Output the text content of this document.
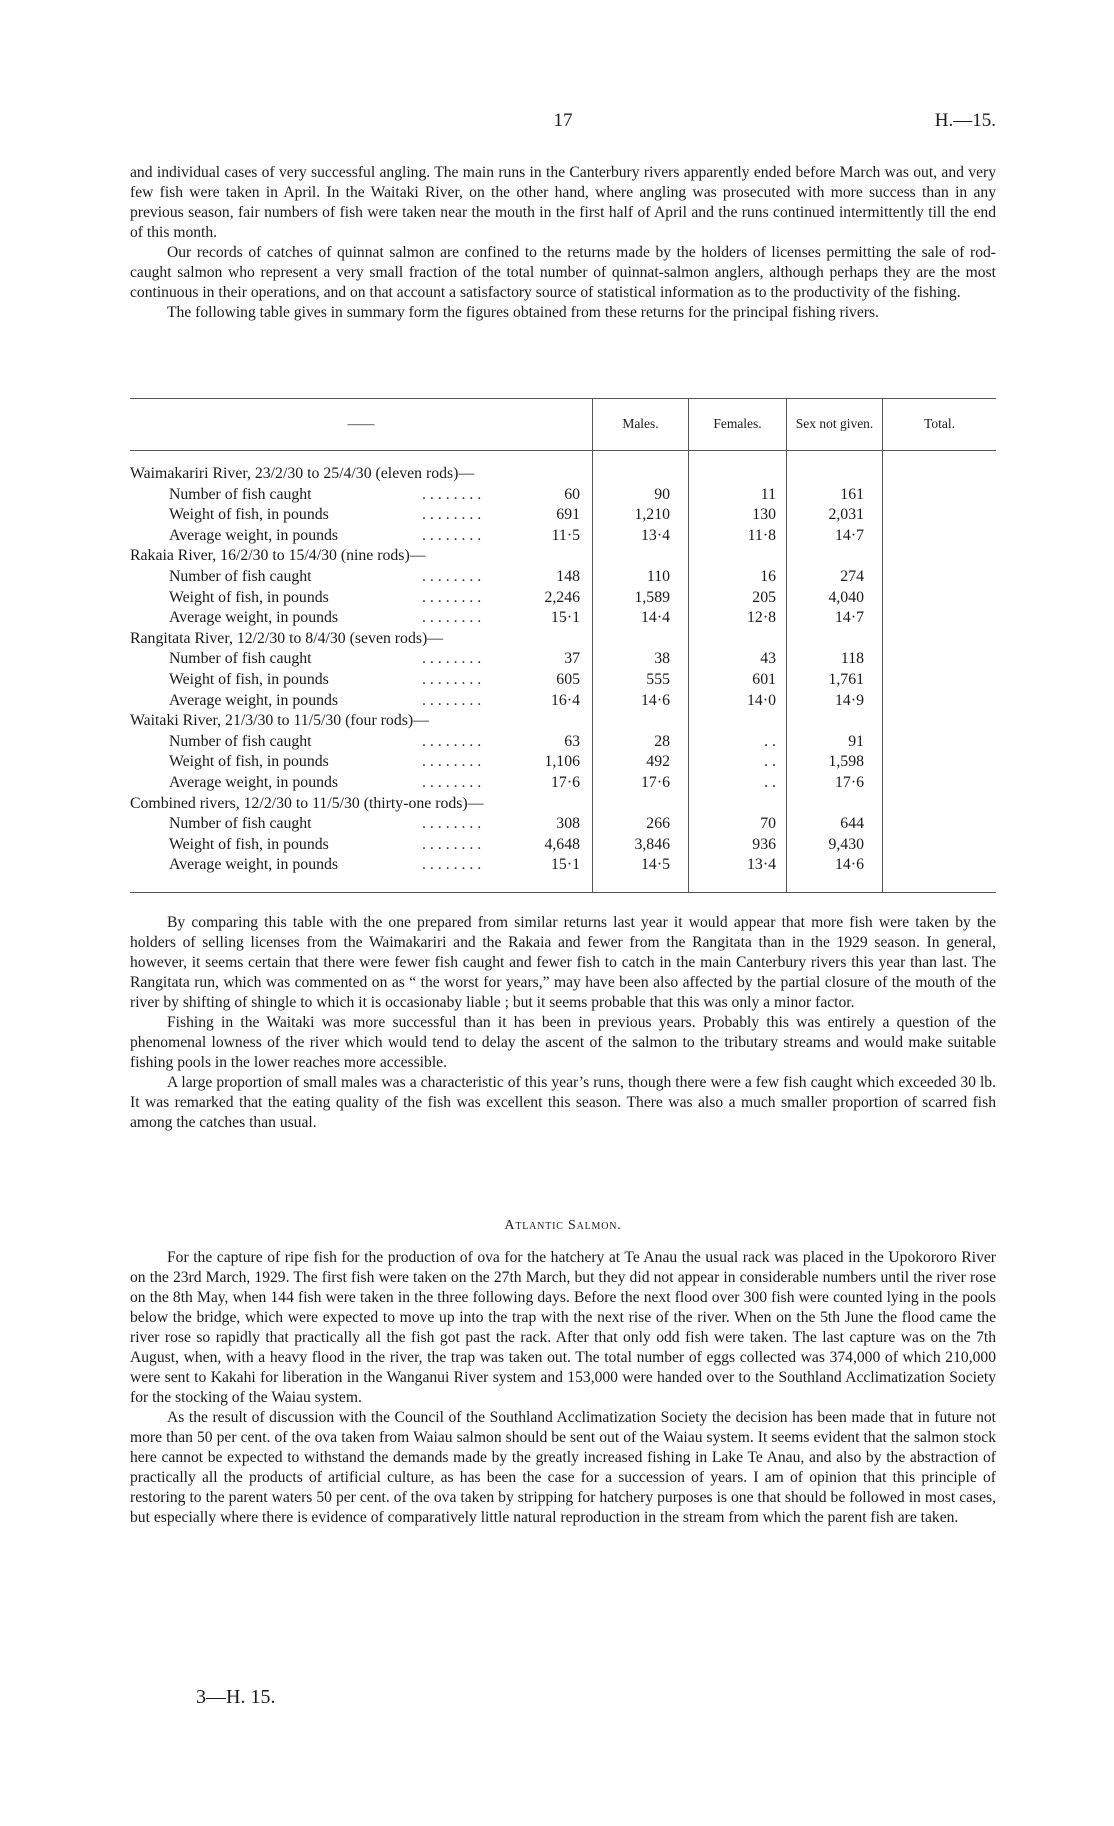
17	H.—15.

and individual cases of very successful angling. The main runs in the Canterbury rivers apparently ended before March was out, and very few fish were taken in April. In the Waitaki River, on the other hand, where angling was prosecuted with more success than in any previous season, fair numbers of fish were taken near the mouth in the first half of April and the runs continued intermittently till the end of this month.

Our records of catches of quinnat salmon are confined to the returns made by the holders of licenses permitting the sale of rod-caught salmon who represent a very small fraction of the total number of quinnat-salmon anglers, although perhaps they are the most continuous in their operations, and on that account a satisfactory source of statistical information as to the productivity of the fishing.

The following table gives in summary form the figures obtained from these returns for the principal fishing rivers.

——	Males.	Females.	Sex not given.	Total.
Waimakariri River, 23/2/30 to 25/4/30 (eleven rods)—
Number of fish caught	. . . . . . . .	60	90	11	161
Weight of fish, in pounds	. . . . . . . .	691	1,210	130	2,031
Average weight, in pounds	. . . . . . . .	11·5	13·4	11·8	14·7
Rakaia River, 16/2/30 to 15/4/30 (nine rods)—
Number of fish caught	. . . . . . . .	148	110	16	274
Weight of fish, in pounds	. . . . . . . .	2,246	1,589	205	4,040
Average weight, in pounds	. . . . . . . .	15·1	14·4	12·8	14·7
Rangitata River, 12/2/30 to 8/4/30 (seven rods)—
Number of fish caught	. . . . . . . .	37	38	43	118
Weight of fish, in pounds	. . . . . . . .	605	555	601	1,761
Average weight, in pounds	. . . . . . . .	16·4	14·6	14·0	14·9
Waitaki River, 21/3/30 to 11/5/30 (four rods)—
Number of fish caught	. . . . . . . .	63	28	. .	91
Weight of fish, in pounds	. . . . . . . .	1,106	492	. .	1,598
Average weight, in pounds	. . . . . . . .	17·6	17·6	. .	17·6
Combined rivers, 12/2/30 to 11/5/30 (thirty-one rods)—
Number of fish caught	. . . . . . . .	308	266	70	644
Weight of fish, in pounds	. . . . . . . .	4,648	3,846	936	9,430
Average weight, in pounds	. . . . . . . .	15·1	14·5	13·4	14·6

By comparing this table with the one prepared from similar returns last year it would appear that more fish were taken by the holders of selling licenses from the Waimakariri and the Rakaia and fewer from the Rangitata than in the 1929 season. In general, however, it seems certain that there were fewer fish caught and fewer fish to catch in the main Canterbury rivers this year than last. The Rangitata run, which was commented on as “ the worst for years,” may have been also affected by the partial closure of the mouth of the river by shifting of shingle to which it is occasionaby liable ; but it seems probable that this was only a minor factor.

Fishing in the Waitaki was more successful than it has been in previous years. Probably this was entirely a question of the phenomenal lowness of the river which would tend to delay the ascent of the salmon to the tributary streams and would make suitable fishing pools in the lower reaches more accessible.

A large proportion of small males was a characteristic of this year’s runs, though there were a few fish caught which exceeded 30 lb. It was remarked that the eating quality of the fish was excellent this season. There was also a much smaller proportion of scarred fish among the catches than usual.

Atlantic Salmon.

For the capture of ripe fish for the production of ova for the hatchery at Te Anau the usual rack was placed in the Upokororo River on the 23rd March, 1929. The first fish were taken on the 27th March, but they did not appear in considerable numbers until the river rose on the 8th May, when 144 fish were taken in the three following days. Before the next flood over 300 fish were counted lying in the pools below the bridge, which were expected to move up into the trap with the next rise of the river. When on the 5th June the flood came the river rose so rapidly that practically all the fish got past the rack. After that only odd fish were taken. The last capture was on the 7th August, when, with a heavy flood in the river, the trap was taken out. The total number of eggs collected was 374,000 of which 210,000 were sent to Kakahi for liberation in the Wanganui River system and 153,000 were handed over to the Southland Acclimatization Society for the stocking of the Waiau system.

As the result of discussion with the Council of the Southland Acclimatization Society the decision has been made that in future not more than 50 per cent. of the ova taken from Waiau salmon should be sent out of the Waiau system. It seems evident that the salmon stock here cannot be expected to withstand the demands made by the greatly increased fishing in Lake Te Anau, and also by the abstraction of practically all the products of artificial culture, as has been the case for a succession of years. I am of opinion that this principle of restoring to the parent waters 50 per cent. of the ova taken by stripping for hatchery purposes is one that should be followed in most cases, but especially where there is evidence of comparatively little natural reproduction in the stream from which the parent fish are taken.

3—H. 15.
